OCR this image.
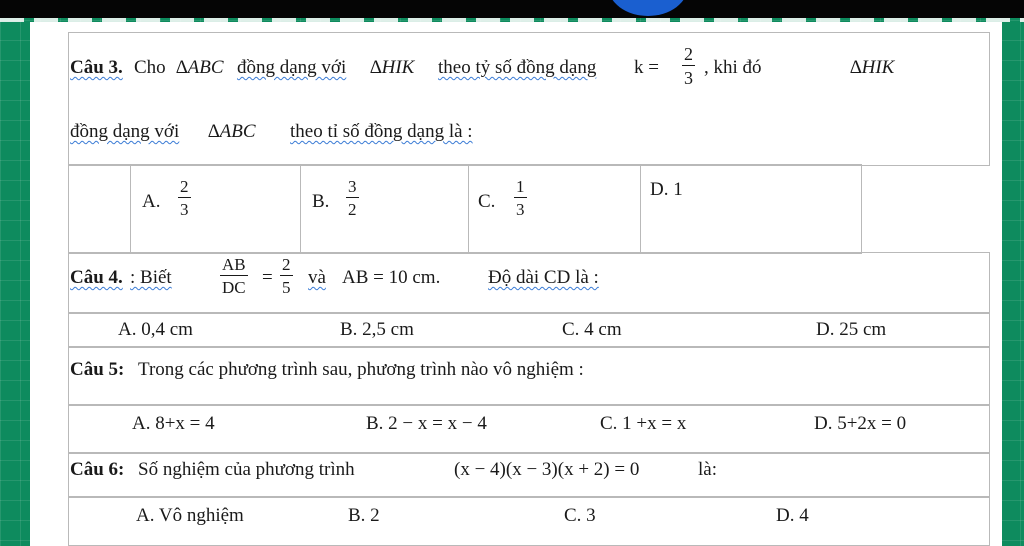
Câu 3. Cho ∆ABC đồng dạng với ∆HIK theo tỷ số đồng dạng $k = \frac{2}{3}$ , khi đó	∆HIK
đồng dạng với ∆ABC theo tỉ số đồng dạng là :
A. $\frac{2}{3}$	B. $\frac{3}{2}$	C. $\frac{1}{3}$	D. 1
Câu 4. : Biết	$\frac{AB}{DC} = \frac{2}{5}$ và AB = 10 cm.	Độ dài CD là :
A. 0,4 cm	B. 2,5 cm	C. 4 cm	D. 25 cm
Câu 5: Trong các phương trình sau, phương trình nào vô nghiệm :
A. 8+x = 4	B. 2 − x = x − 4	C. 1 +x = x	D. 5+2x = 0
Câu 6: Số nghiệm của phương trình	(x − 4)(x − 3)(x + 2) = 0	là:
A. Vô nghiệm	B. 2	C. 3	D. 4
